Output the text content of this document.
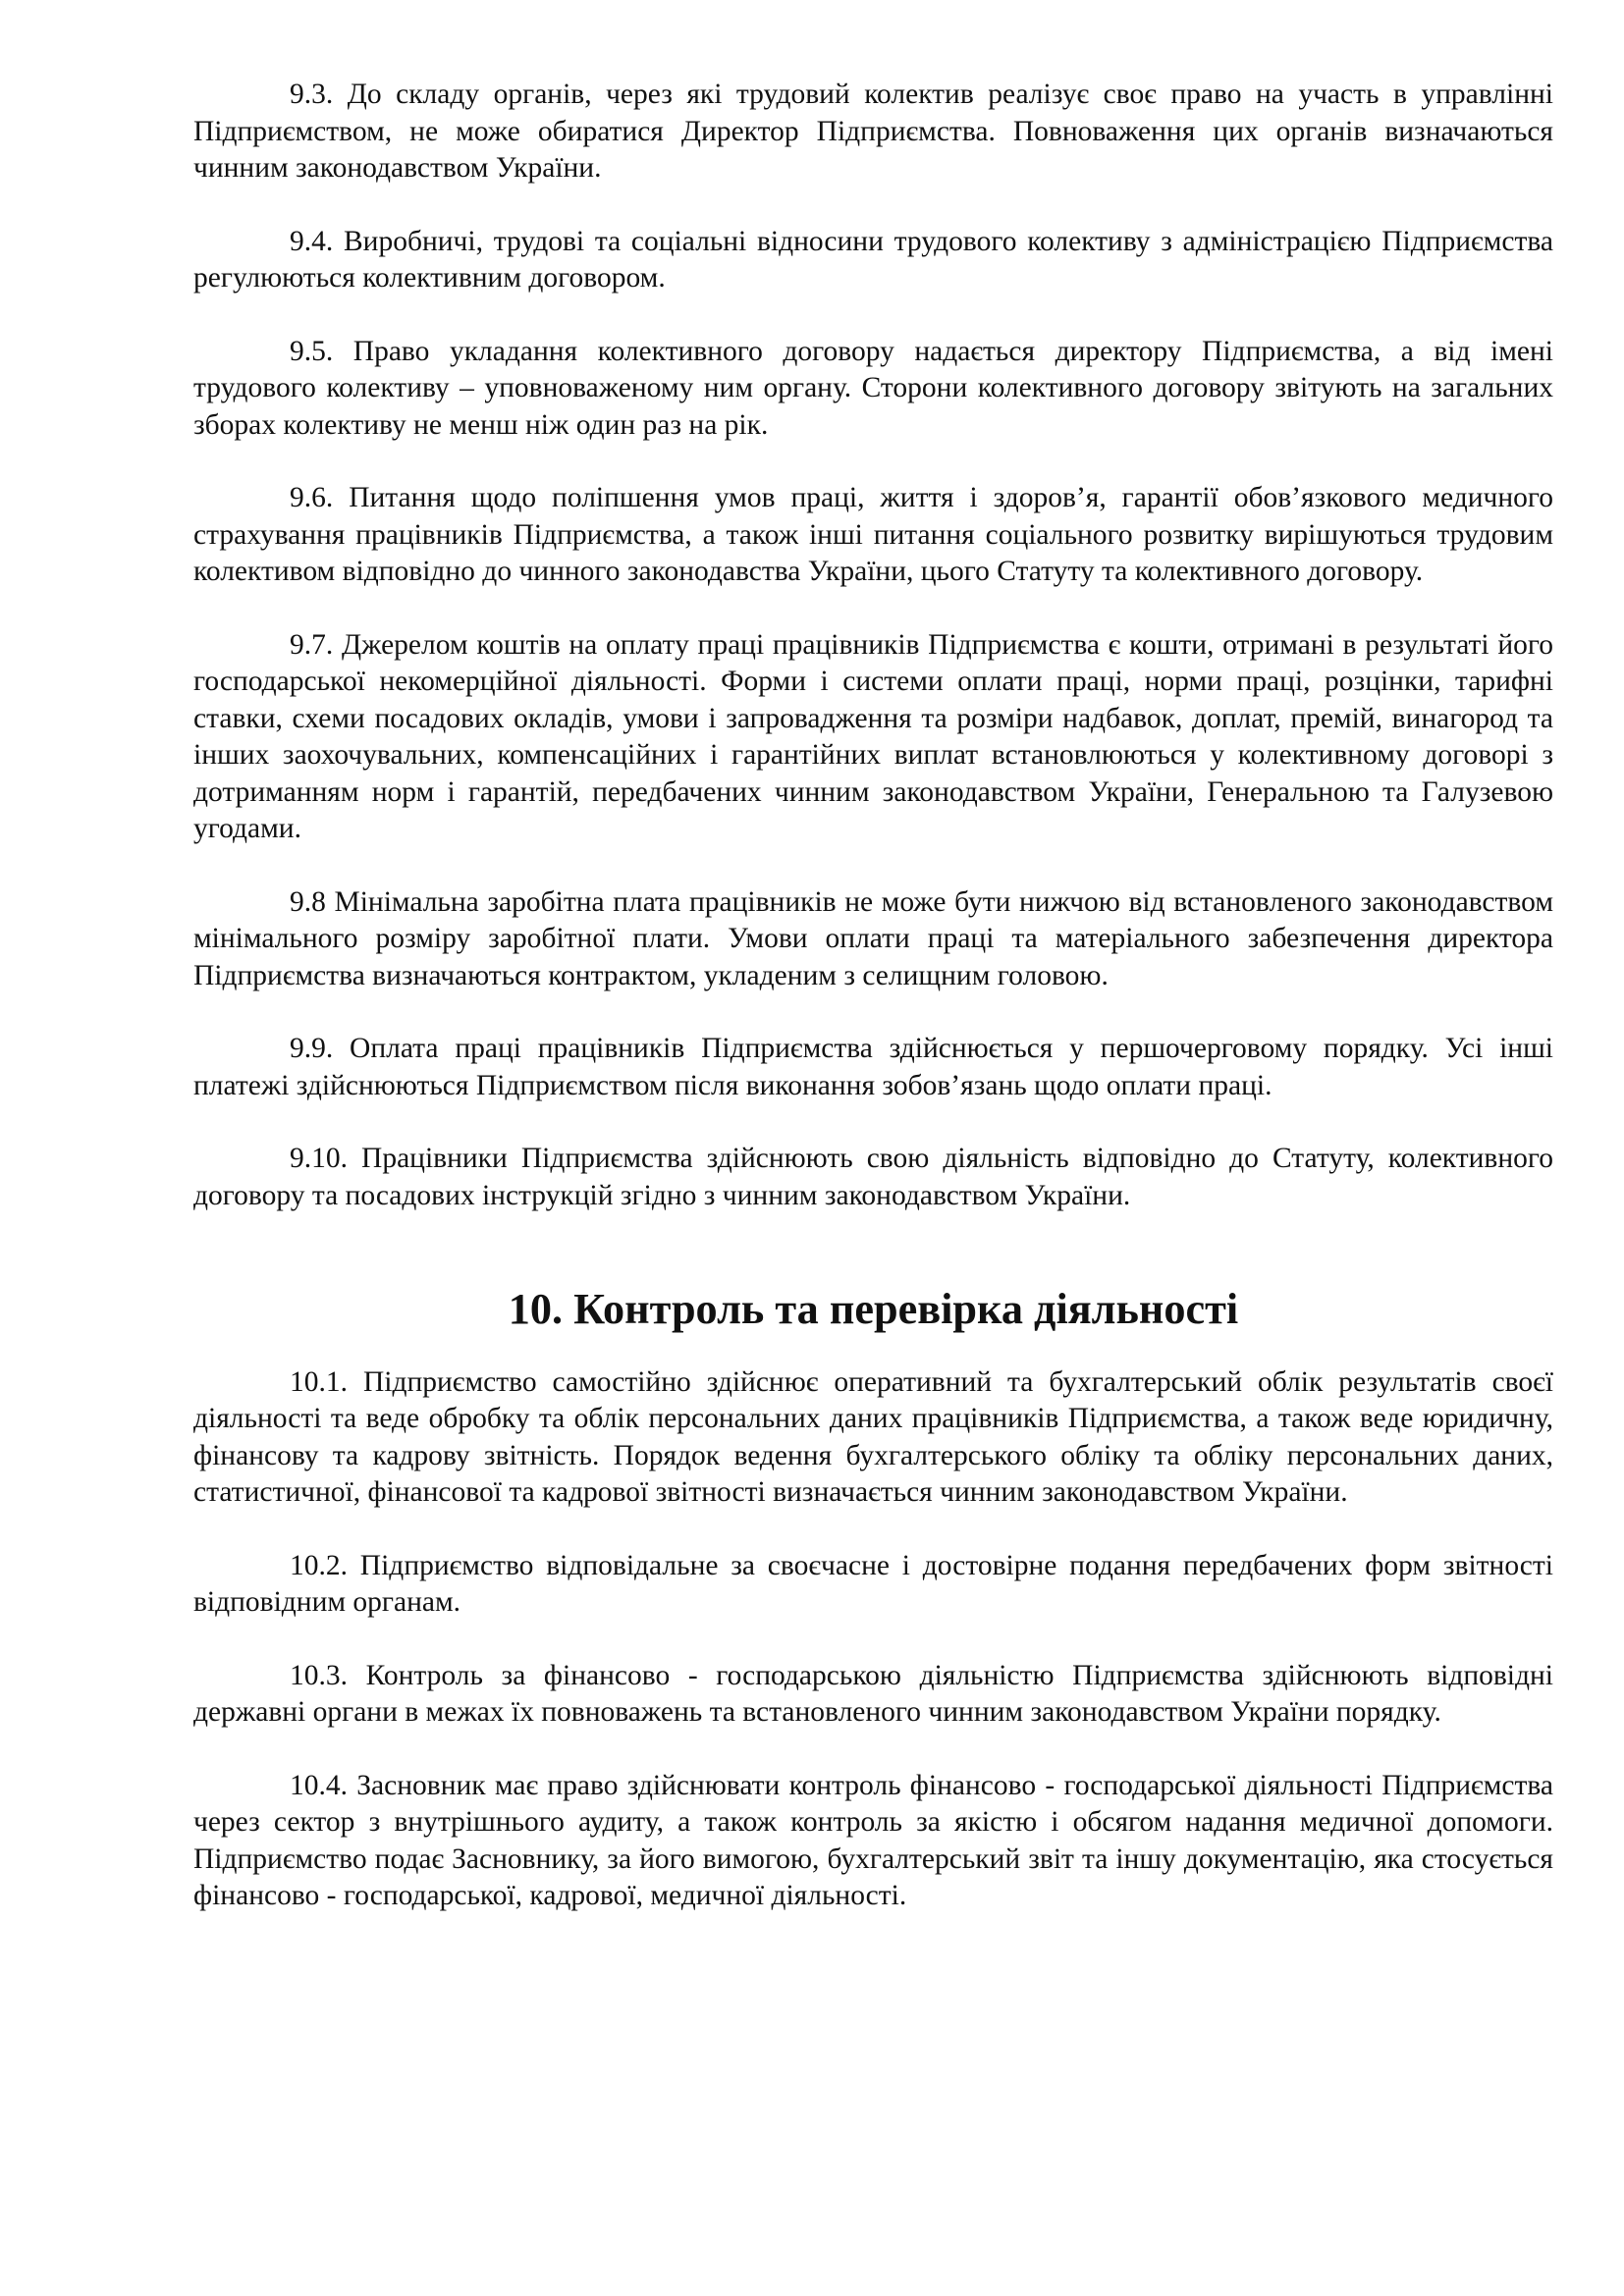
9.3. До складу органів, через які трудовий колектив реалізує своє право на участь в управлінні Підприємством, не може обиратися Директор Підприємства. Повноваження цих органів визначаються чинним законодавством України.

9.4. Виробничі, трудові та соціальні відносини трудового колективу з адміністрацією Підприємства регулюються колективним договором.

9.5. Право укладання колективного договору надається директору Підприємства, а від імені трудового колективу – уповноваженому ним органу. Сторони колективного договору звітують на загальних зборах колективу не менш ніж один раз на рік.

9.6. Питання щодо поліпшення умов праці, життя і здоров’я, гарантії обов’язкового медичного страхування працівників Підприємства, а також інші питання соціального розвитку вирішуються трудовим колективом відповідно до чинного законодавства України, цього Статуту та колективного договору.

9.7. Джерелом коштів на оплату праці працівників Підприємства є кошти, отримані в результаті його господарської некомерційної діяльності. Форми і системи оплати праці, норми праці, розцінки, тарифні ставки, схеми посадових окладів, умови і запровадження та розміри надбавок, доплат, премій, винагород та інших заохочувальних, компенсаційних і гарантійних виплат встановлюються у колективному договорі з дотриманням норм і гарантій, передбачених чинним законодавством України, Генеральною та Галузевою угодами.

9.8 Мінімальна заробітна плата працівників не може бути нижчою від встановленого законодавством мінімального розміру заробітної плати. Умови оплати праці та матеріального забезпечення директора Підприємства визначаються контрактом, укладеним з селищним головою.

9.9. Оплата праці працівників Підприємства здійснюється у першочерговому порядку. Усі інші платежі здійснюються Підприємством після виконання зобов’язань щодо оплати праці.

9.10. Працівники Підприємства здійснюють свою діяльність відповідно до Статуту, колективного договору та посадових інструкцій згідно з чинним законодавством України.

10. Контроль та перевірка діяльності

10.1. Підприємство самостійно здійснює оперативний та бухгалтерський облік результатів своєї діяльності та веде обробку та облік персональних даних працівників Підприємства, а також веде юридичну, фінансову та кадрову звітність. Порядок ведення бухгалтерського обліку та обліку персональних даних, статистичної, фінансової та кадрової звітності визначається чинним законодавством України.

10.2. Підприємство відповідальне за своєчасне і достовірне подання передбачених форм звітності відповідним органам.

10.3. Контроль за фінансово - господарською діяльністю Підприємства здійснюють відповідні державні органи в межах їх повноважень та встановленого чинним законодавством України порядку.

10.4. Засновник має право здійснювати контроль фінансово - господарської діяльності Підприємства через сектор з внутрішнього аудиту, а також контроль за якістю і обсягом надання медичної допомоги. Підприємство подає Засновнику, за його вимогою, бухгалтерський звіт та іншу документацію, яка стосується фінансово - господарської, кадрової, медичної діяльності.
